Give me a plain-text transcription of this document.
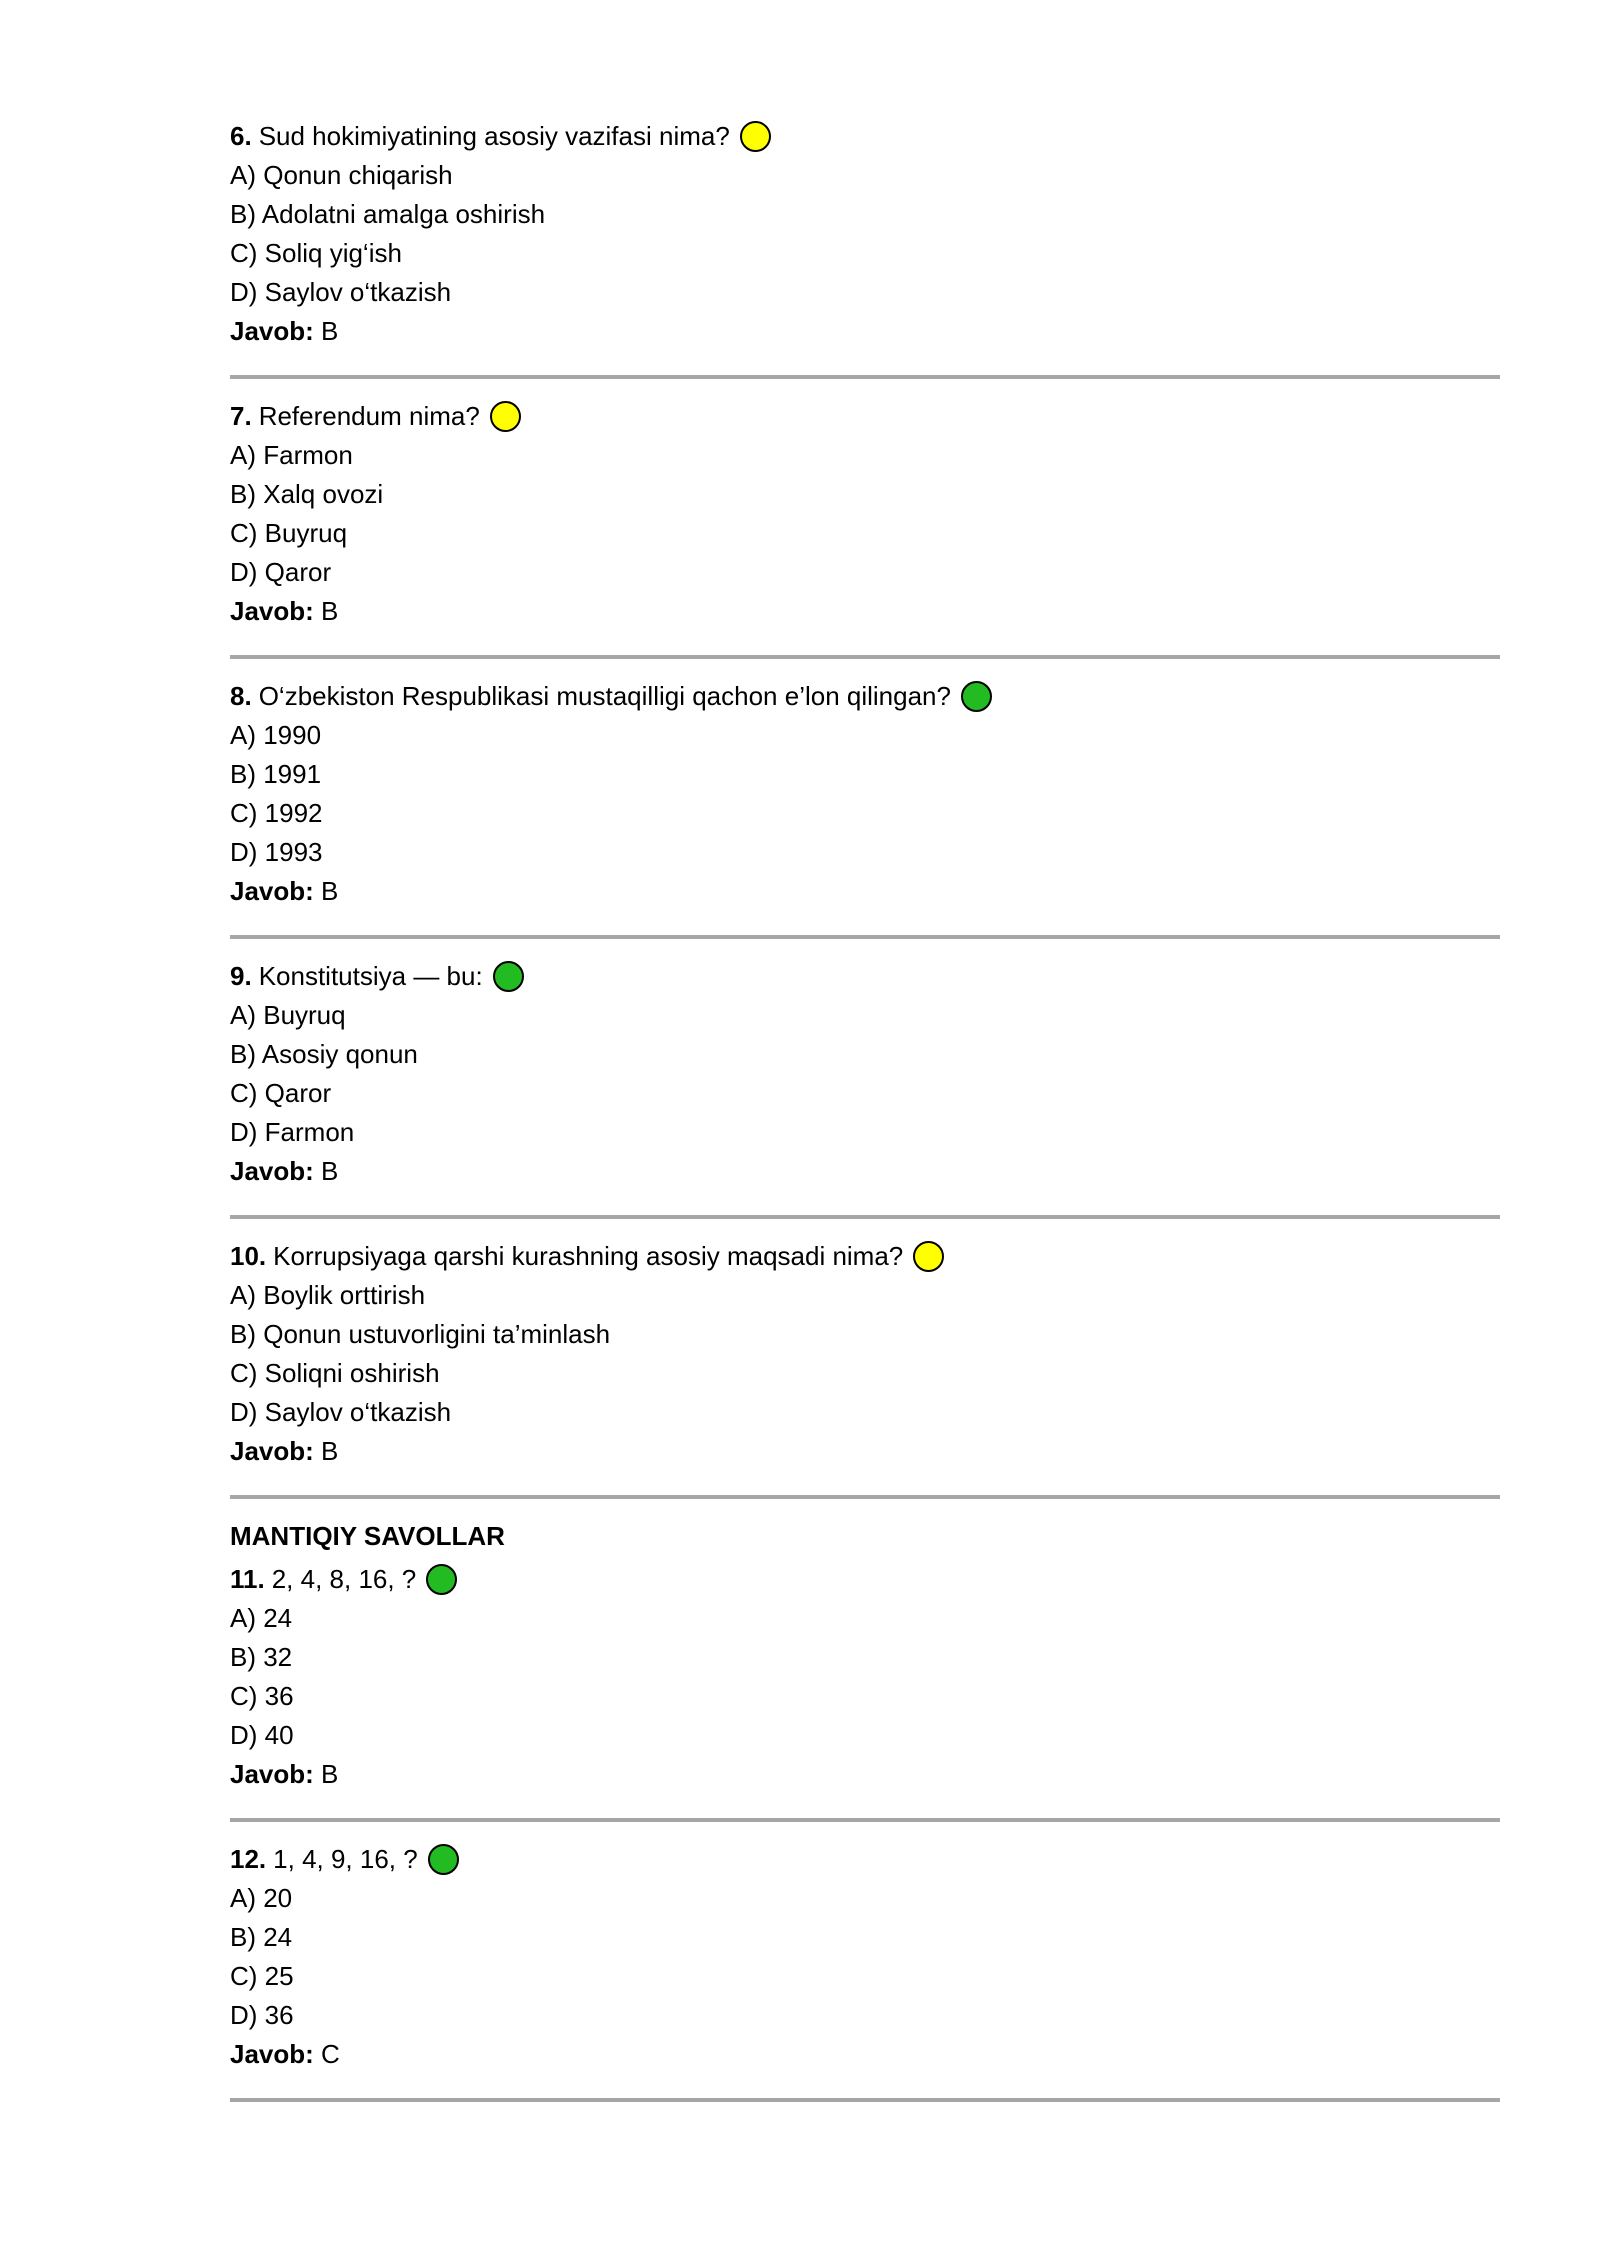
6. Sud hokimiyatining asosiy vazifasi nima?
A) Qonun chiqarish
B) Adolatni amalga oshirish
C) Soliq yig‘ish
D) Saylov o‘tkazish
Javob: B
7. Referendum nima?
A) Farmon
B) Xalq ovozi
C) Buyruq
D) Qaror
Javob: B
8. O‘zbekiston Respublikasi mustaqilligi qachon e’lon qilingan?
A) 1990
B) 1991
C) 1992
D) 1993
Javob: B
9. Konstitutsiya — bu:
A) Buyruq
B) Asosiy qonun
C) Qaror
D) Farmon
Javob: B
10. Korrupsiyaga qarshi kurashning asosiy maqsadi nima?
A) Boylik orttirish
B) Qonun ustuvorligini ta’minlash
C) Soliqni oshirish
D) Saylov o‘tkazish
Javob: B
MANTIQIY SAVOLLAR
11. 2, 4, 8, 16, ?
A) 24
B) 32
C) 36
D) 40
Javob: B
12. 1, 4, 9, 16, ?
A) 20
B) 24
C) 25
D) 36
Javob: C
